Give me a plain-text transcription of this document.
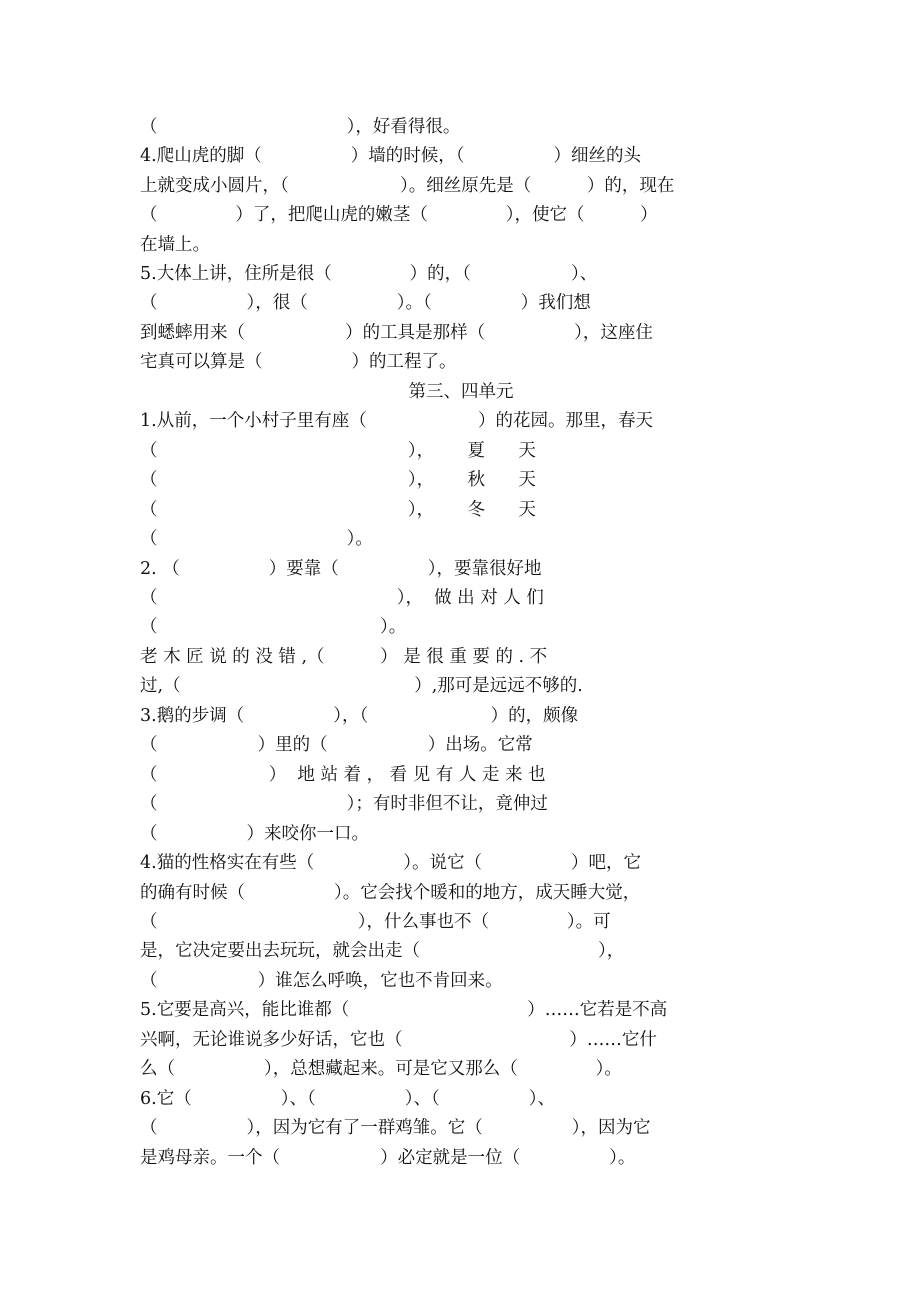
（                                  ），好看得很。
4.爬山虎的脚（                ）墙的时候，（                ）细丝的头
上就变成小圆片，（                    ）。细丝原先是（          ）的，现在
（              ）了，把爬山虎的嫩茎（              ），使它（          ）
在墙上。
5.大体上讲，住所是很（              ）的，（                  ）、
（                ），很（                ）。（                ）我们想
到蟋蟀用来（                  ）的工具是那样（                ），这座住
宅真可以算是（                ）的工程了。
第三、四单元
1.从前，一个小村子里有座（                    ）的花园。那里，春天
（                                             ），      夏      天
（                                             ），      秋      天
（                                             ），      冬      天
（                                  ）。
2. （                ）要靠（                ），要靠很好地
（                                           ），  做 出 对 人 们
（                                        ）。
老 木 匠 说 的 没 错 ,（          ） 是 很 重 要 的 . 不
过,（                                          ）,那可是远远不够的.
3.鹅的步调（                ），（                      ）的，颇像
（                  ）里的（                  ）出场。它常
（                    ）  地 站 着 ， 看 见 有 人 走 来 也
（                                  ）；有时非但不让，竟伸过
（                ）来咬你一口。
4.猫的性格实在有些（                ）。说它（                ）吧，它
的确有时候（                ）。它会找个暖和的地方，成天睡大觉，
（                                    ），什么事也不（              ）。可
是，它决定要出去玩玩，就会出走（                                ），
（                  ）谁怎么呼唤，它也不肯回来。
5.它要是高兴，能比谁都（                                ）……它若是不高
兴啊，无论谁说多少好话，它也（                              ）……它什
么（                ），总想藏起来。可是它又那么（              ）。
6.它（                ）、（                ）、（                ）、
（                ），因为它有了一群鸡雏。它（                ），因为它
是鸡母亲。一个（                  ）必定就是一位（                ）。
